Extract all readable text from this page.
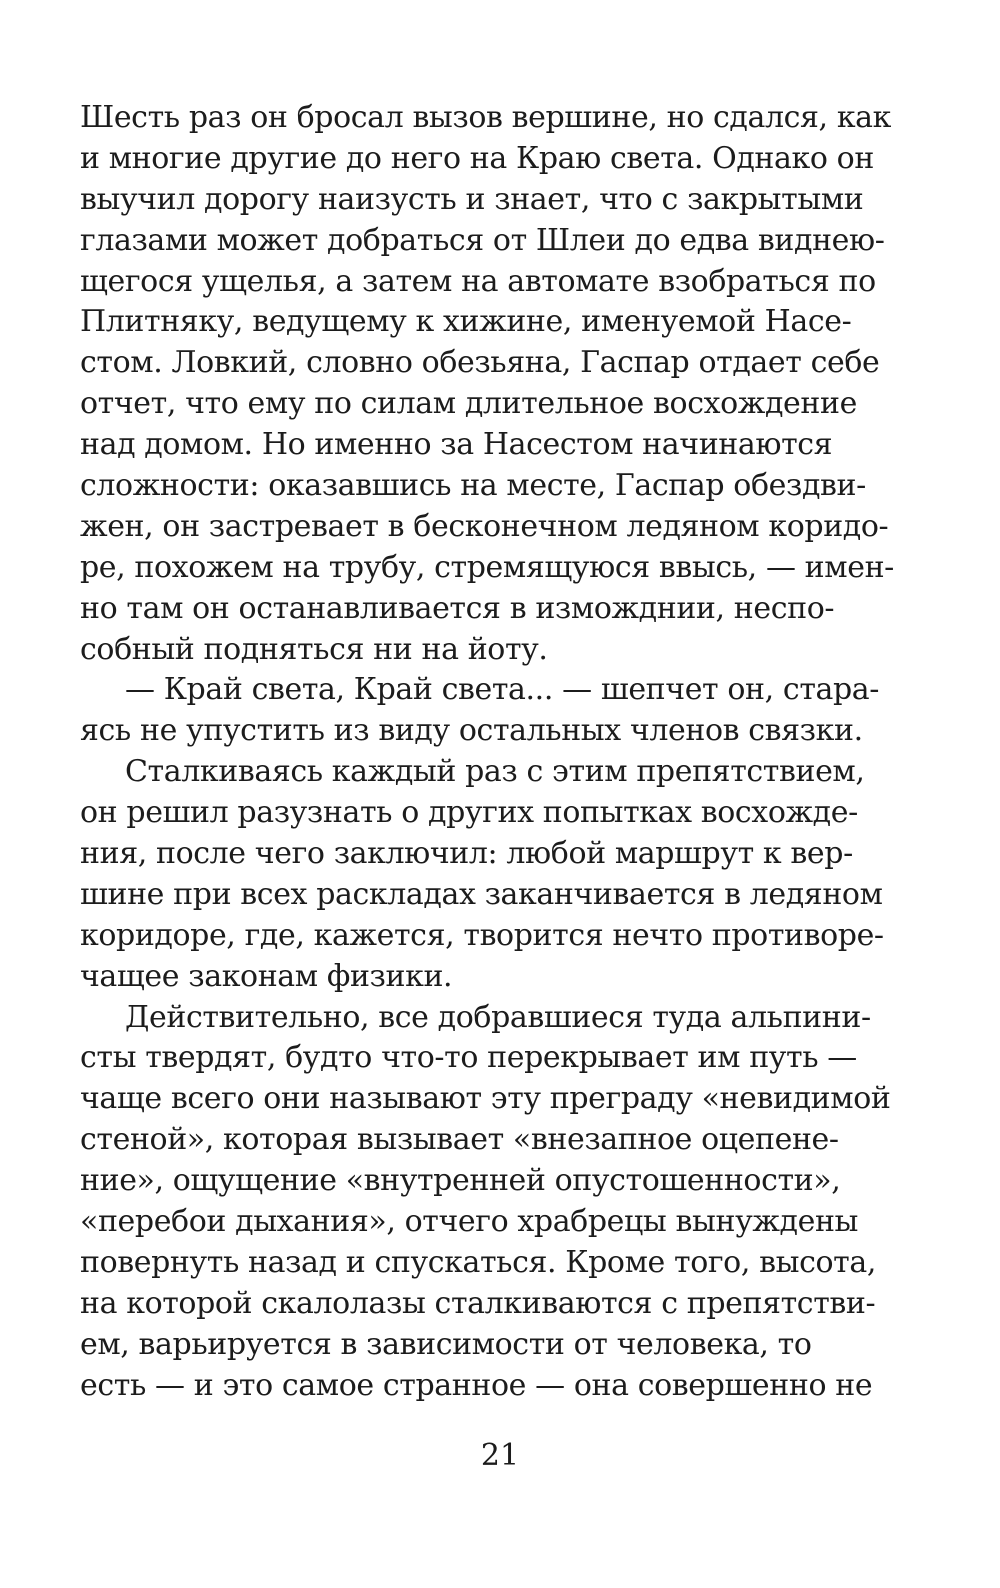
Шесть раз он бросал вызов вершине, но сдался, как
и многие другие до него на Краю света. Однако он
выучил дорогу наизусть и знает, что с закрытыми
глазами может добраться от Шлеи до едва виднею-
щегося ущелья, а затем на автомате взобраться по
Плитняку, ведущему к хижине, именуемой Насе-
стом. Ловкий, словно обезьяна, Гаспар отдает себе
отчет, что ему по силам длительное восхождение
над домом. Но именно за Насестом начинаются
сложности: оказавшись на месте, Гаспар обездви-
жен, он застревает в бесконечном ледяном коридо-
ре, похожем на трубу, стремящуюся ввысь, — имен-
но там он останавливается в изможднии, неспо-
собный подняться ни на йоту.
— Край света, Край света... — шепчет он, стара-
ясь не упустить из виду остальных членов связки.
Сталкиваясь каждый раз с этим препятствием,
он решил разузнать о других попытках восхожде-
ния, после чего заключил: любой маршрут к вер-
шине при всех раскладах заканчивается в ледяном
коридоре, где, кажется, творится нечто противоре-
чащее законам физики.
Действительно, все добравшиеся туда альпини-
сты твердят, будто что-то перекрывает им путь —
чаще всего они называют эту преграду «невидимой
стеной», которая вызывает «внезапное оцепене-
ние», ощущение «внутренней опустошенности»,
«перебои дыхания», отчего храбрецы вынуждены
повернуть назад и спускаться. Кроме того, высота,
на которой скалолазы сталкиваются с препятстви-
ем, варьируется в зависимости от человека, то
есть — и это самое странное — она совершенно не
21
